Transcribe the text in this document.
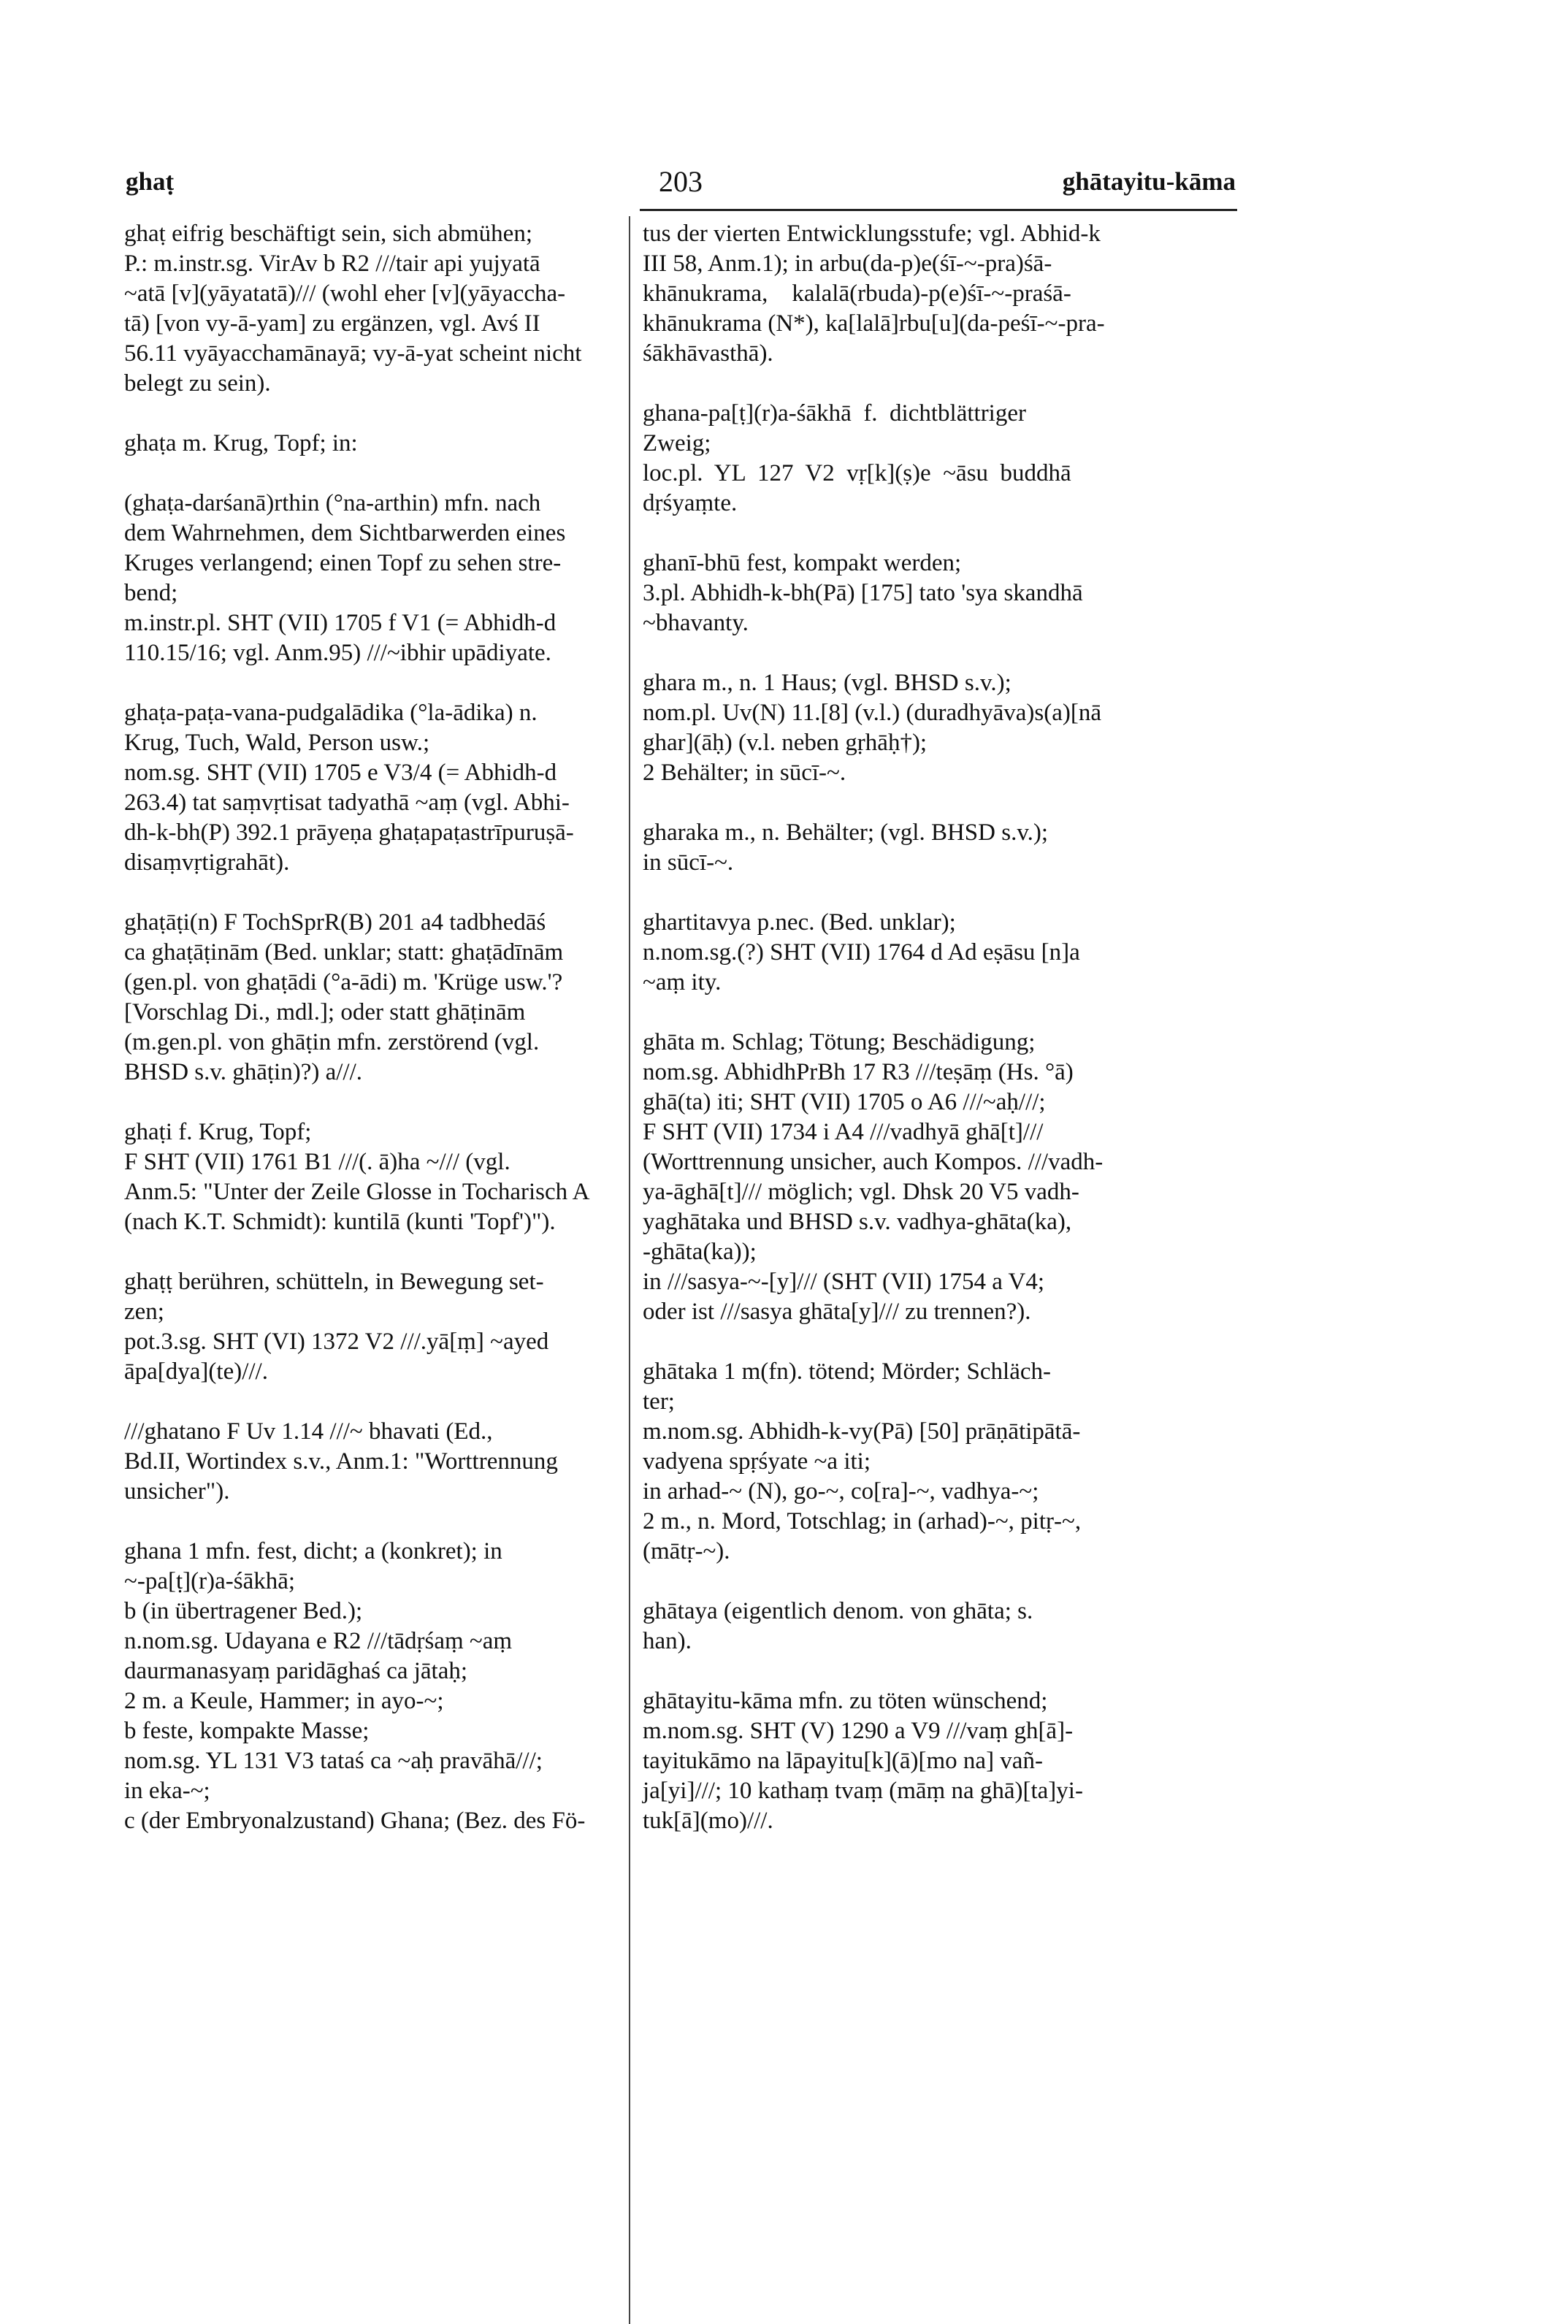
ghaṭ	203	ghātayitu-kāma
ghaṭ eifrig beschäftigt sein, sich abmühen;
P.: m.instr.sg. VirAv b R2 ///tair api yujyatā
~atā [v](yāyatatā)/// (wohl eher [v](yāyaccha-
tā) [von vy-ā-yam] zu ergänzen, vgl. Avś II
56.11 vyāyacchamānayā; vy-ā-yat scheint nicht
belegt zu sein).
ghaṭa m. Krug, Topf; in:
(ghaṭa-darśanā)rthin (°na-arthin) mfn. nach
dem Wahrnehmen, dem Sichtbarwerden eines
Kruges verlangend; einen Topf zu sehen stre-
bend;
m.instr.pl. SHT (VII) 1705 f V1 (= Abhidh-d
110.15/16; vgl. Anm.95) ///~ibhir upādiyate.
ghaṭa-paṭa-vana-pudgalādika (°la-ādika) n.
Krug, Tuch, Wald, Person usw.;
nom.sg. SHT (VII) 1705 e V3/4 (= Abhidh-d
263.4) tat saṃvṛtisat tadyathā ~aṃ (vgl. Abhi-
dh-k-bh(P) 392.1 prāyeṇa ghaṭapaṭastrīpuruṣā-
disaṃvṛtigrahāt).
ghaṭāṭi(n) F TochSprR(B) 201 a4 tadbhedāś
ca ghaṭāṭinām (Bed. unklar; statt: ghaṭādīnām
(gen.pl. von ghaṭādi (°a-ādi) m. 'Krüge usw.'?
[Vorschlag Di., mdl.]; oder statt ghāṭinām
(m.gen.pl. von ghāṭin mfn. zerstörend (vgl.
BHSD s.v. ghāṭin)?) a///.
ghaṭi f. Krug, Topf;
F SHT (VII) 1761 B1 ///(. ā)ha ~/// (vgl.
Anm.5: "Unter der Zeile Glosse in Tocharisch A
(nach K.T. Schmidt): kuntilā (kunti 'Topf')").
ghaṭṭ berühren, schütteln, in Bewegung set-
zen;
pot.3.sg. SHT (VI) 1372 V2 ///.yā[ṃ] ~ayed
āpa[dya](te)///.
///ghatano F Uv 1.14 ///~ bhavati (Ed.,
Bd.II, Wortindex s.v., Anm.1: "Worttrennung
unsicher").
ghana 1 mfn. fest, dicht; a (konkret); in
~-pa[ṭ](r)a-śākhā;
b (in übertragener Bed.);
n.nom.sg. Udayana e R2 ///tādṛśaṃ ~aṃ
daurmanasyaṃ paridāghaś ca jātaḥ;
2 m. a Keule, Hammer; in ayo-~;
b feste, kompakte Masse;
nom.sg. YL 131 V3 tataś ca ~aḥ pravāhā///;
in eka-~;
c (der Embryonalzustand) Ghana; (Bez. des Fö-
tus der vierten Entwicklungsstufe; vgl. Abhid-k
III 58, Anm.1); in arbu(da-p)e(śī-~-pra)śā-
khānukrama,    kalalā(rbuda)-p(e)śī-~-praśā-
khānukrama (N*), ka[lalā]rbu[u](da-peśī-~-pra-
śākhāvasthā).
ghana-pa[ṭ](r)a-śākhā  f.  dichtblättriger
Zweig;
loc.pl.  YL  127  V2  vṛ[k](ṣ)e  ~āsu  buddhā
dṛśyaṃte.
ghanī-bhū fest, kompakt werden;
3.pl. Abhidh-k-bh(Pā) [175] tato 'sya skandhā
~bhavanty.
ghara m., n. 1 Haus; (vgl. BHSD s.v.);
nom.pl. Uv(N) 11.[8] (v.l.) (duradhyāva)s(a)[nā
ghar](āḥ) (v.l. neben gṛhāḥ†);
2 Behälter; in sūcī-~.
gharaka m., n. Behälter; (vgl. BHSD s.v.);
in sūcī-~.
ghartitavya p.nec. (Bed. unklar);
n.nom.sg.(?) SHT (VII) 1764 d Ad eṣāsu [n]a
~aṃ ity.
ghāta m. Schlag; Tötung; Beschädigung;
nom.sg. AbhidhPrBh 17 R3 ///teṣāṃ (Hs. °ā)
ghā(ta) iti; SHT (VII) 1705 o A6 ///~aḥ///;
F SHT (VII) 1734 i A4 ///vadhyā ghā[t]///
(Worttrennung unsicher, auch Kompos. ///vadh-
ya-āghā[t]/// möglich; vgl. Dhsk 20 V5 vadh-
yaghātaka und BHSD s.v. vadhya-ghāta(ka),
-ghāta(ka));
in ///sasya-~-[y]/// (SHT (VII) 1754 a V4;
oder ist ///sasya ghāta[y]/// zu trennen?).
ghātaka 1 m(fn). tötend; Mörder; Schläch-
ter;
m.nom.sg. Abhidh-k-vy(Pā) [50] prāṇātipātā-
vadyena spṛśyate ~a iti;
in arhad-~ (N), go-~, co[ra]-~, vadhya-~;
2 m., n. Mord, Totschlag; in (arhad)-~, pitṛ-~,
(mātṛ-~).
ghātaya (eigentlich denom. von ghāta; s.
han).
ghātayitu-kāma mfn. zu töten wünschend;
m.nom.sg. SHT (V) 1290 a V9 ///vaṃ gh[ā]-
tayitukāmo na lāpayitu[k](ā)[mo na] vañ-
ja[yi]///; 10 kathaṃ tvaṃ (māṃ na ghā)[ta]yi-
tuk[ā](mo)///.
